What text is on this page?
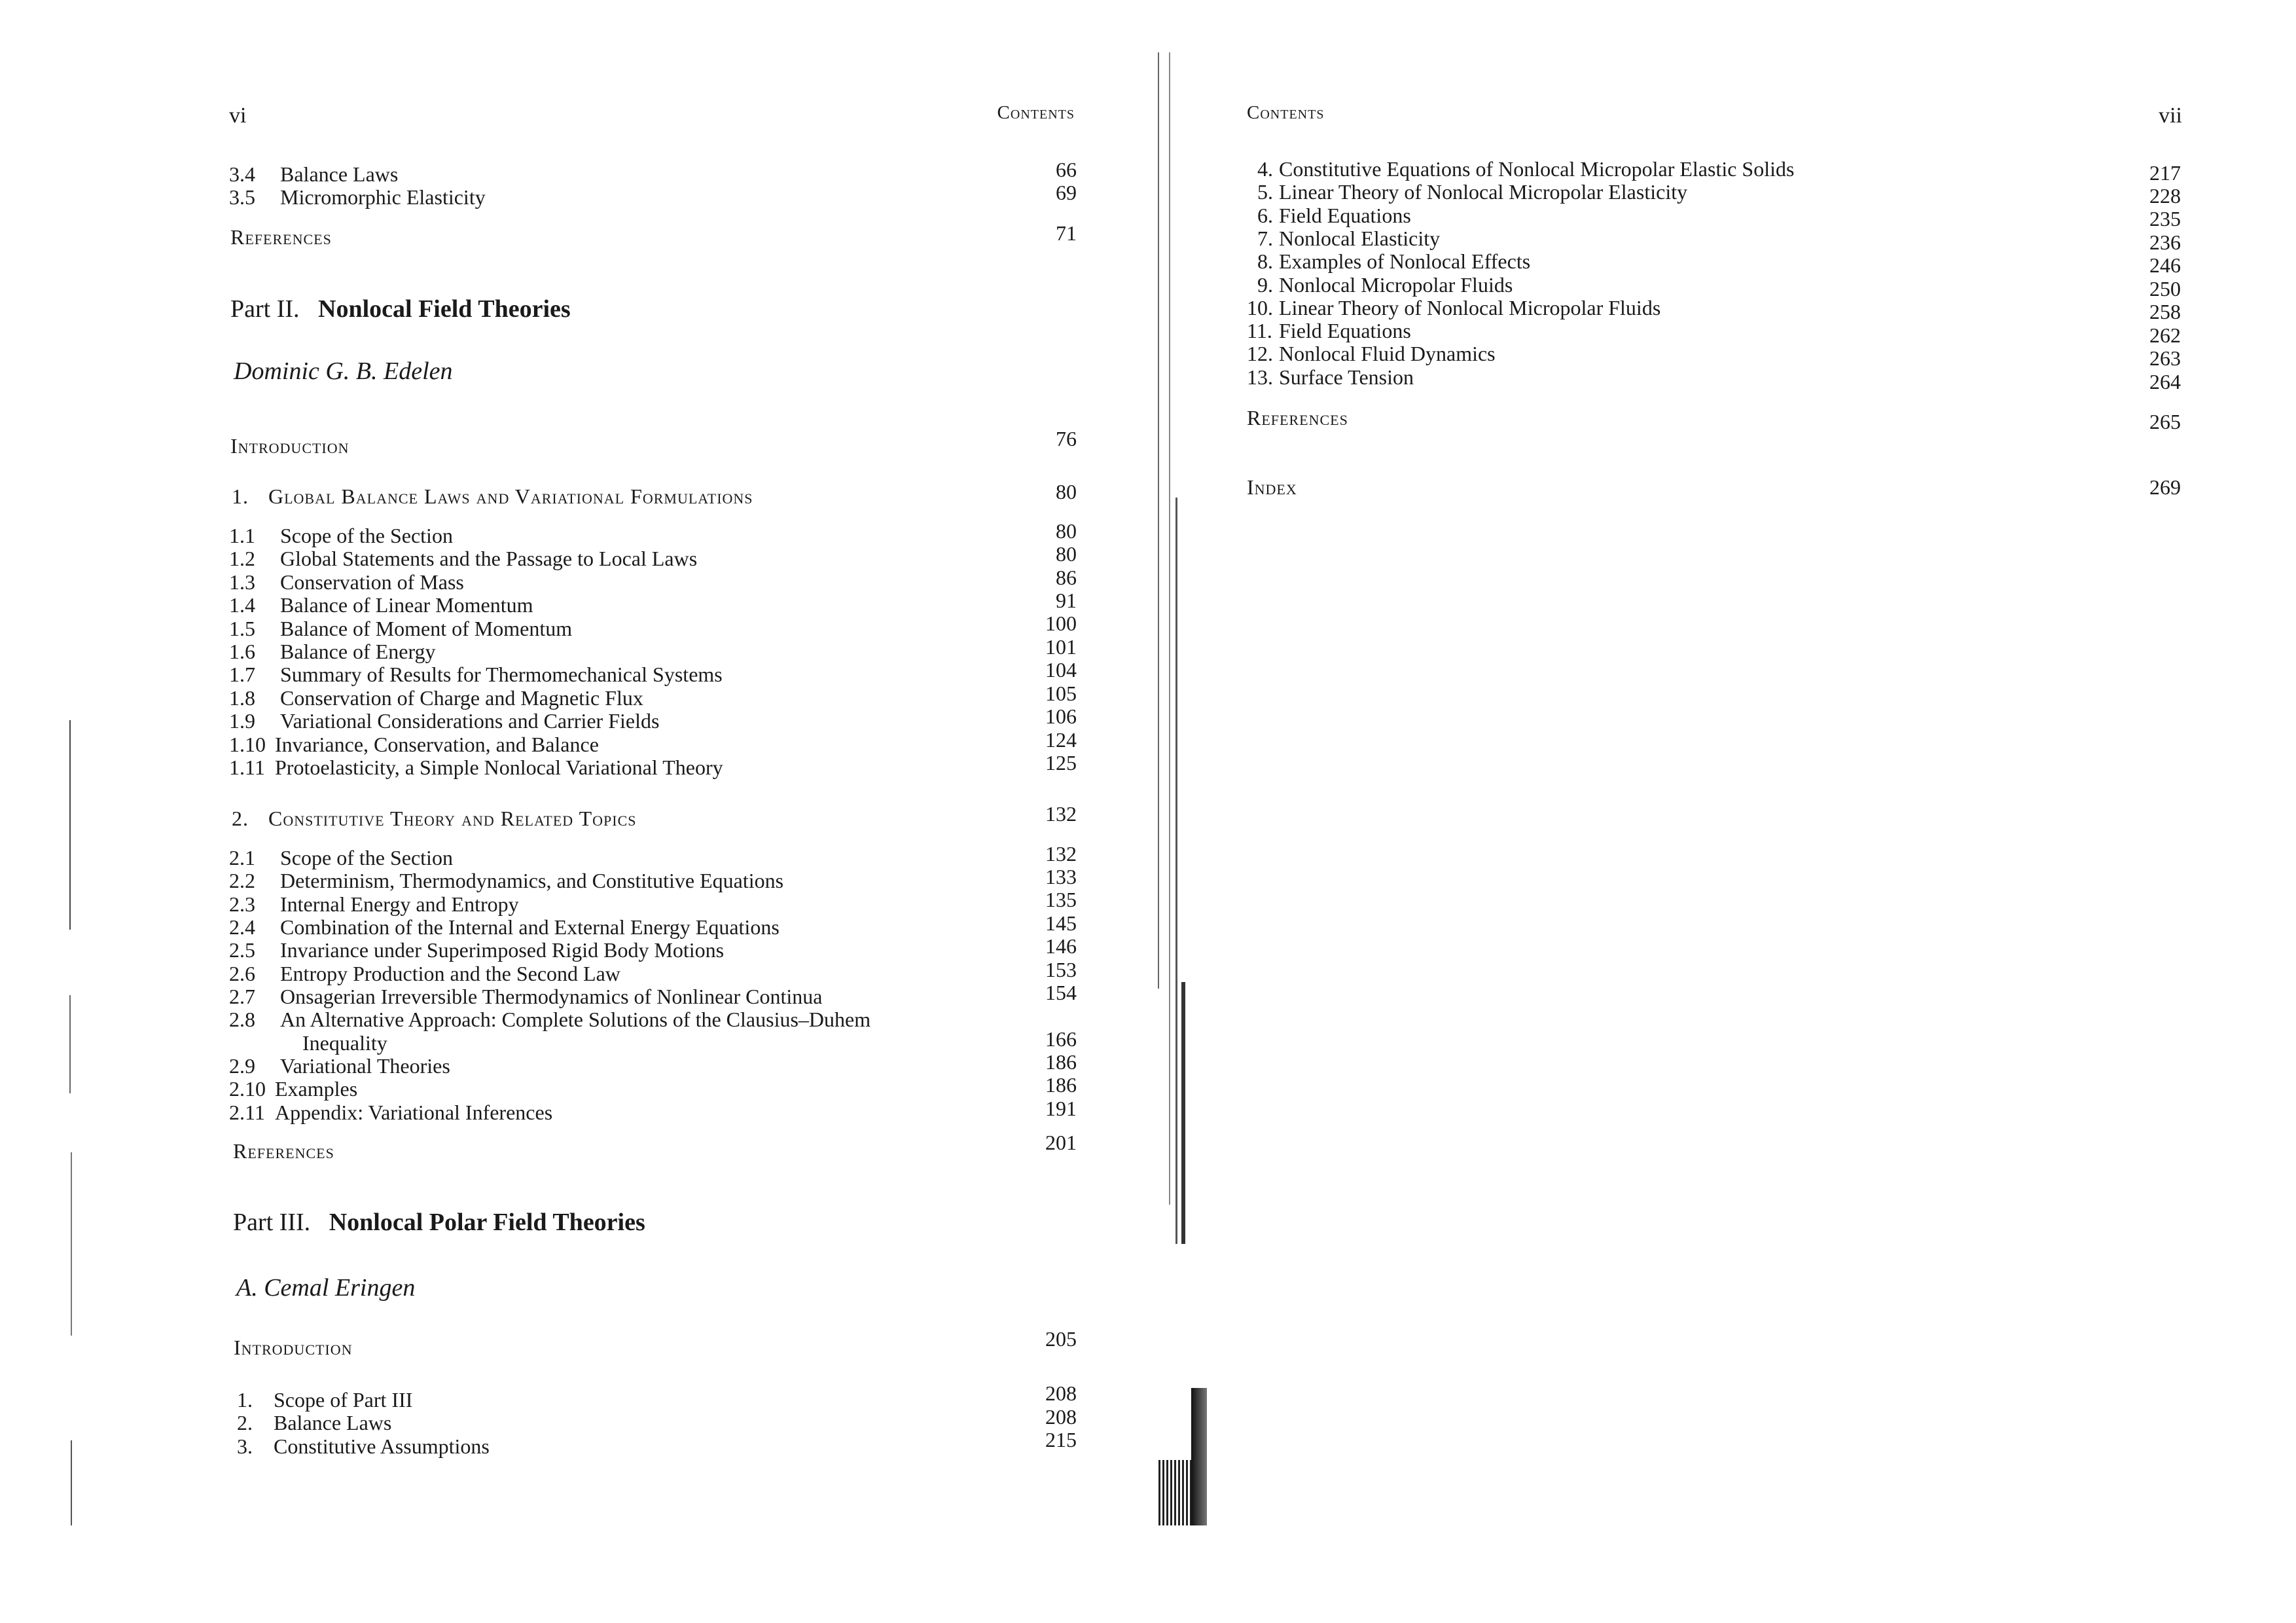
vi	contents
3.4 Balance Laws	66
3.5 Micromorphic Elasticity	69
References	71
Part II. Nonlocal Field Theories
Dominic G. B. Edelen
Introduction	76
1. Global Balance Laws and Variational Formulations	80
1.1 Scope of the Section	80
1.2 Global Statements and the Passage to Local Laws	80
1.3 Conservation of Mass	86
1.4 Balance of Linear Momentum	91
1.5 Balance of Moment of Momentum	100
1.6 Balance of Energy	101
1.7 Summary of Results for Thermomechanical Systems	104
1.8 Conservation of Charge and Magnetic Flux	105
1.9 Variational Considerations and Carrier Fields	106
1.10 Invariance, Conservation, and Balance	124
1.11 Protoelasticity, a Simple Nonlocal Variational Theory	125
2. Constitutive Theory and Related Topics	132
2.1 Scope of the Section	132
2.2 Determinism, Thermodynamics, and Constitutive Equations	133
2.3 Internal Energy and Entropy	135
2.4 Combination of the Internal and External Energy Equations	145
2.5 Invariance under Superimposed Rigid Body Motions	146
2.6 Entropy Production and the Second Law	153
2.7 Onsagerian Irreversible Thermodynamics of Nonlinear Continua	154
2.8 An Alternative Approach: Complete Solutions of the Clausius–Duhem
Inequality	166
2.9 Variational Theories	186
2.10 Examples	186
2.11 Appendix: Variational Inferences	191
References	201
Part III. Nonlocal Polar Field Theories
A. Cemal Eringen
Introduction	205
1. Scope of Part III	208
2. Balance Laws	208
3. Constitutive Assumptions	215
Contents	vii
4. Constitutive Equations of Nonlocal Micropolar Elastic Solids	217
5. Linear Theory of Nonlocal Micropolar Elasticity	228
6. Field Equations	235
7. Nonlocal Elasticity	236
8. Examples of Nonlocal Effects	246
9. Nonlocal Micropolar Fluids	250
10. Linear Theory of Nonlocal Micropolar Fluids	258
11. Field Equations	262
12. Nonlocal Fluid Dynamics	263
13. Surface Tension	264
References	265
Index	269
